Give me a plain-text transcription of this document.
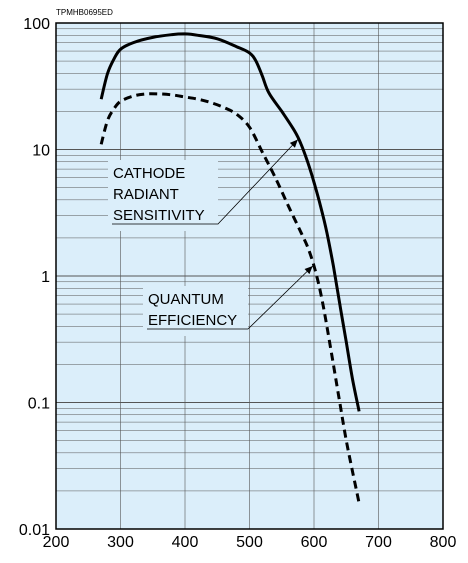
TPMHB0695ED
CATHODE
RADIANT
SENSITIVITY
QUANTUM
EFFICIENCY
200 300 400 500 600 700 800
0.01
0.1
1
10
100
